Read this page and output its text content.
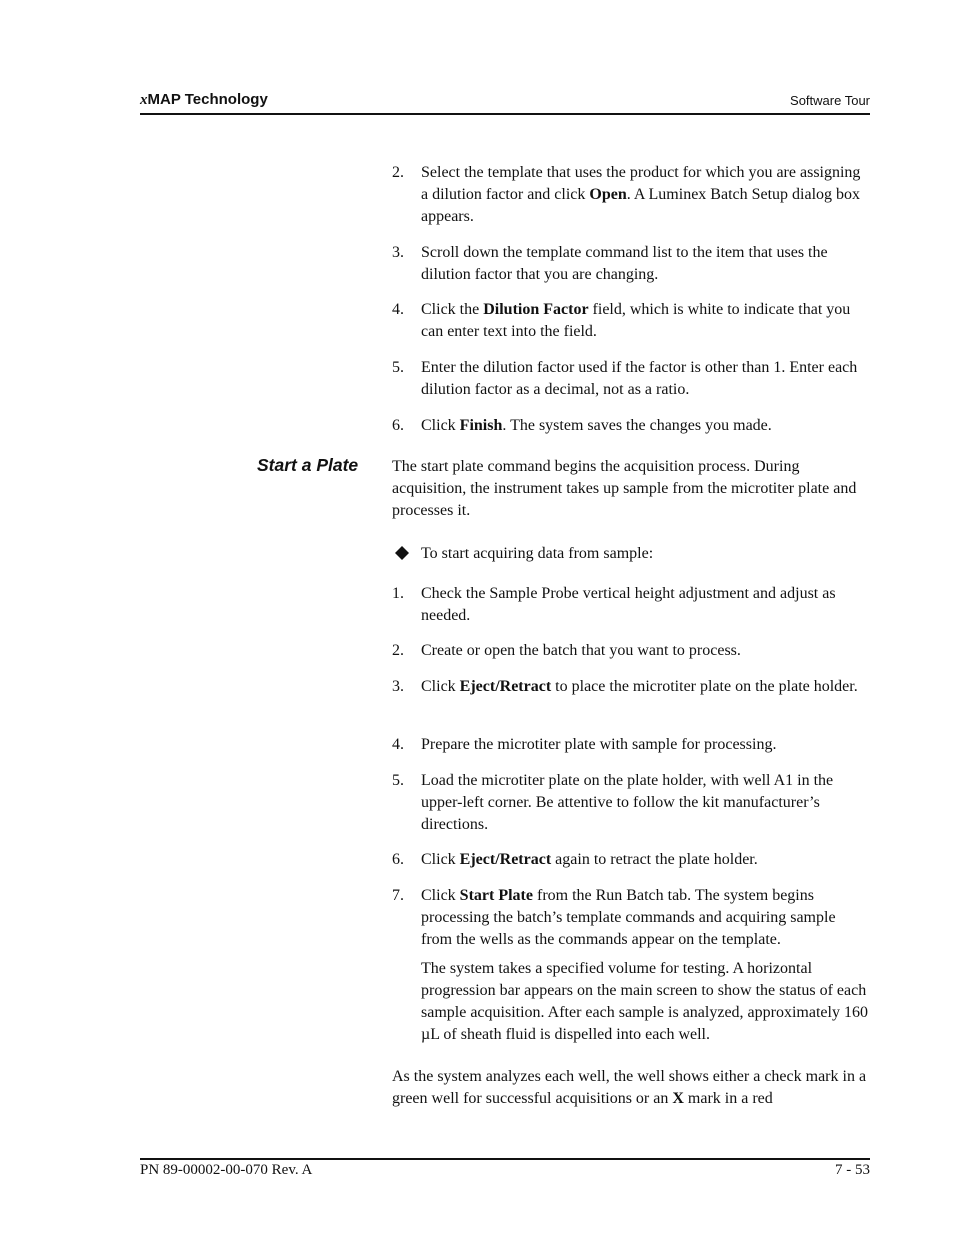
xMAP Technology	Software Tour
2. Select the template that uses the product for which you are assigning a dilution factor and click Open. A Luminex Batch Setup dialog box appears.
3. Scroll down the template command list to the item that uses the dilution factor that you are changing.
4. Click the Dilution Factor field, which is white to indicate that you can enter text into the field.
5. Enter the dilution factor used if the factor is other than 1. Enter each dilution factor as a decimal, not as a ratio.
6. Click Finish. The system saves the changes you made.
Start a Plate The start plate command begins the acquisition process. During acquisition, the instrument takes up sample from the microtiter plate and processes it.
To start acquiring data from sample:
1. Check the Sample Probe vertical height adjustment and adjust as needed.
2. Create or open the batch that you want to process.
3. Click Eject/Retract to place the microtiter plate on the plate holder.
4. Prepare the microtiter plate with sample for processing.
5. Load the microtiter plate on the plate holder, with well A1 in the upper-left corner. Be attentive to follow the kit manufacturer’s directions.
6. Click Eject/Retract again to retract the plate holder.
7. Click Start Plate from the Run Batch tab. The system begins processing the batch’s template commands and acquiring sample from the wells as the commands appear on the template.
The system takes a specified volume for testing. A horizontal progression bar appears on the main screen to show the status of each sample acquisition. After each sample is analyzed, approximately 160 µL of sheath fluid is dispelled into each well.
As the system analyzes each well, the well shows either a check mark in a green well for successful acquisitions or an X mark in a red
PN 89-00002-00-070 Rev. A	7 - 53
